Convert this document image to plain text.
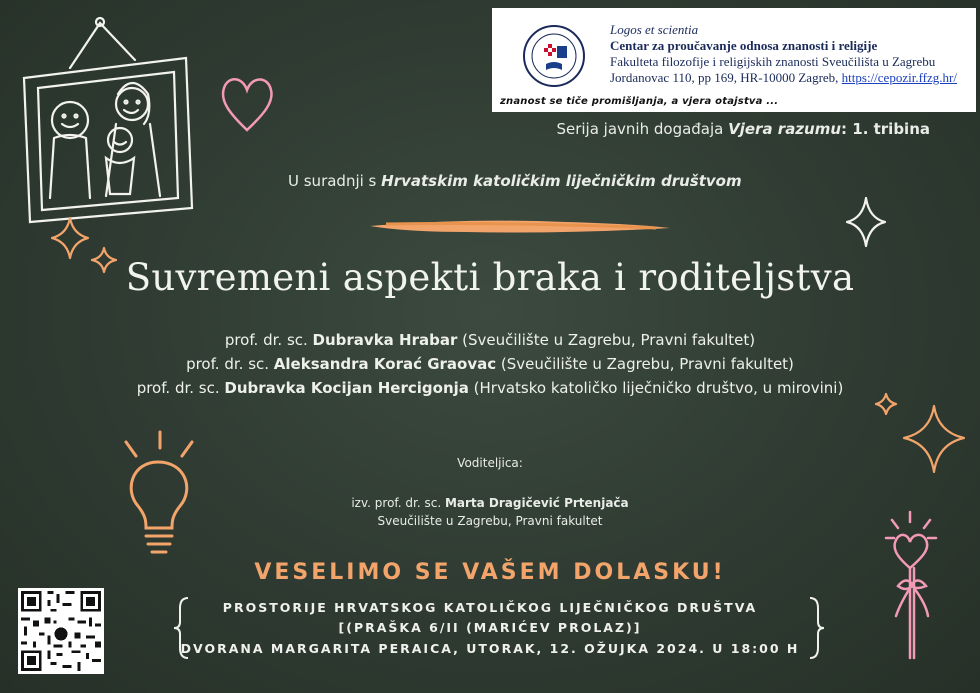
Logos et scientia
Centar za proučavanje odnosa znanosti i religije
Fakulteta filozofije i religijskih znanosti Sveučilišta u Zagrebu
Jordanovac 110, pp 169, HR-10000 Zagreb, https://cepozir.ffzg.hr/
znanost se tiče promišljanja, a vjera otajstva ...
Serija javnih događaja Vjera razumu: 1. tribina
U suradnji s Hrvatskim katoličkim liječničkim društvom
Suvremeni aspekti braka i roditeljstva
prof. dr. sc. Dubravka Hrabar (Sveučilište u Zagrebu, Pravni fakultet)
prof. dr. sc. Aleksandra Korać Graovac (Sveučilište u Zagrebu, Pravni fakultet)
prof. dr. sc. Dubravka Kocijan Hercigonja (Hrvatsko katoličko liječničko društvo, u mirovini)
Voditeljica:
izv. prof. dr. sc. Marta Dragičević Prtenjača
Sveučilište u Zagrebu, Pravni fakultet
VESELIMO SE VAŠEM DOLASKU!
PROSTORIJE HRVATSKOG KATOLIČKOG LIJEČNIČKOG DRUŠTVA
[(PRAŠKA 6/II (MARIĆEV PROLAZ)]
DVORANA MARGARITA PERAICA, UTORAK, 12. OŽUJKA 2024. U 18:00 H
